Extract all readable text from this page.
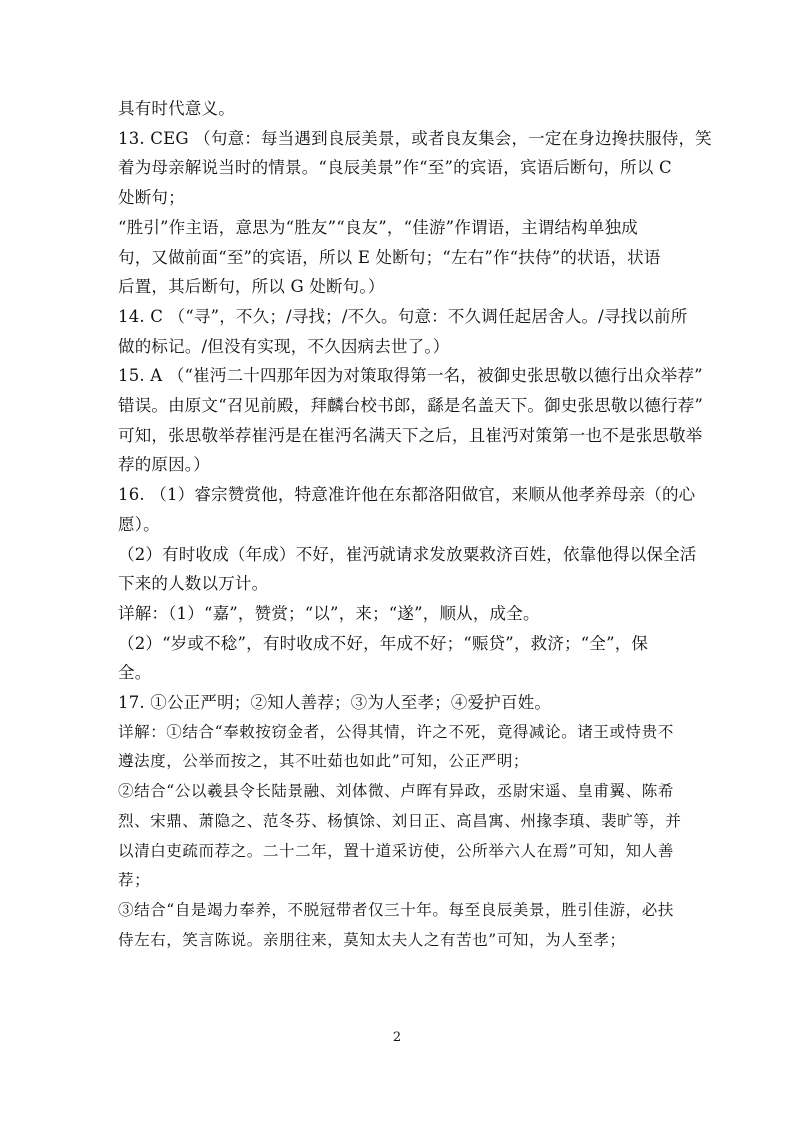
具有时代意义。
13. CEG （句意：每当遇到良辰美景，或者良友集会，一定在身边搀扶服侍，笑
着为母亲解说当时的情景。“良辰美景”作“至”的宾语，宾语后断句，所以 C
处断句；
“胜引”作主语，意思为“胜友”“良友”，“佳游”作谓语，主谓结构单独成
句，又做前面“至”的宾语，所以 E 处断句；“左右”作“扶侍”的状语，状语
后置，其后断句，所以 G 处断句。）
14. C （“寻”，不久；/寻找；/不久。句意：不久调任起居舍人。/寻找以前所
做的标记。/但没有实现，不久因病去世了。）
15. A （“崔沔二十四那年因为对策取得第一名，被御史张思敬以德行出众举荐”
错误。由原文“召见前殿，拜麟台校书郎，繇是名盖天下。御史张思敬以德行荐”
可知，张思敬举荐崔沔是在崔沔名满天下之后，且崔沔对策第一也不是张思敬举
荐的原因。）
16. （1）睿宗赞赏他，特意准许他在东都洛阳做官，来顺从他孝养母亲（的心
愿）。
（2）有时收成（年成）不好，崔沔就请求发放粟救济百姓，依靠他得以保全活
下来的人数以万计。
详解：（1）“嘉”，赞赏；“以”，来；“遂”，顺从，成全。
（2）“岁或不稔”，有时收成不好，年成不好；“赈贷”，救济；“全”，保
全。
17. ①公正严明；②知人善荐；③为人至孝；④爱护百姓。
详解：①结合“奉敕按窃金者，公得其情，许之不死，竟得减论。诸王或恃贵不
遵法度，公举而按之，其不吐茹也如此”可知，公正严明；
②结合“公以羲县令长陆景融、刘体微、卢晖有异政，丞尉宋遥、皇甫翼、陈希
烈、宋鼎、萧隐之、范冬芬、杨慎馀、刘日正、高昌寓、州掾李瑱、裴旷等，并
以清白吏疏而荐之。二十二年，置十道采访使，公所举六人在焉”可知，知人善
荐；
③结合“自是竭力奉养，不脱冠带者仅三十年。每至良辰美景，胜引佳游，必扶
侍左右，笑言陈说。亲朋往来，莫知太夫人之有苦也”可知，为人至孝；
2
